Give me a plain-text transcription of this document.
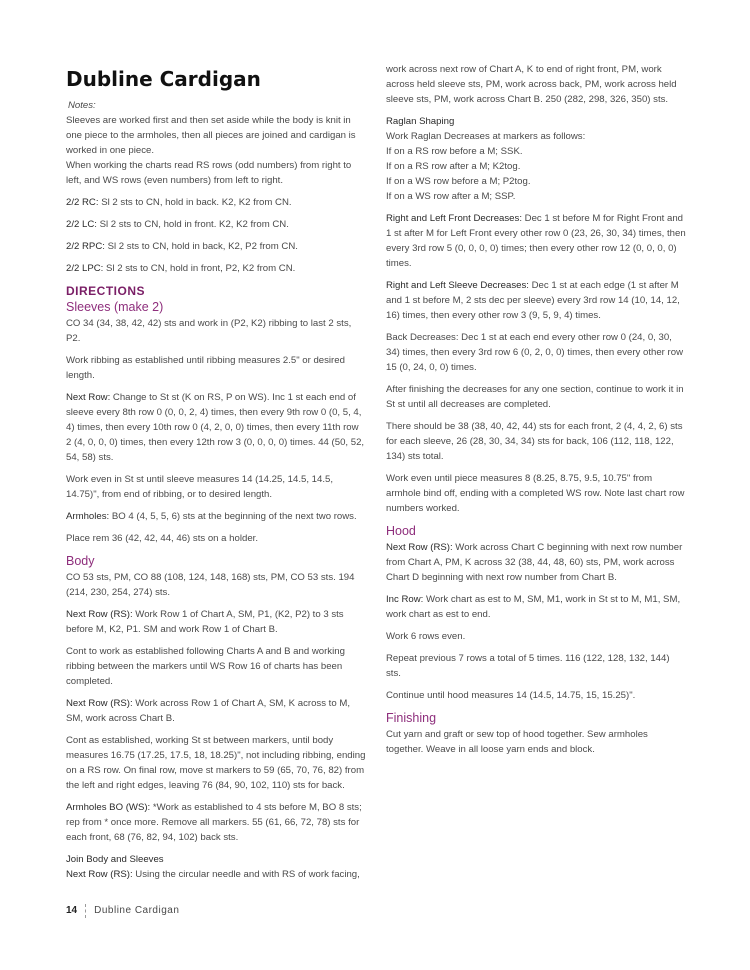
Dubline Cardigan
Notes:

Sleeves are worked first and then set aside while the body is knit in one piece to the armholes, then all pieces are joined and cardigan is worked in one piece.

When working the charts read RS rows (odd numbers) from right to left, and WS rows (even numbers) from left to right.

2/2 RC: Sl 2 sts to CN, hold in back. K2, K2 from CN.

2/2 LC: Sl 2 sts to CN, hold in front. K2, K2 from CN.

2/2 RPC: Sl 2 sts to CN, hold in back, K2, P2 from CN.

2/2 LPC: Sl 2 sts to CN, hold in front, P2, K2 from CN.

DIRECTIONS
Sleeves (make 2)

CO 34 (34, 38, 42, 42) sts and work in (P2, K2) ribbing to last 2 sts, P2.

Work ribbing as established until ribbing measures 2.5" or desired length.

Next Row: Change to St st (K on RS, P on WS). Inc 1 st each end of sleeve every 8th row 0 (0, 0, 2, 4) times, then every 9th row 0 (0, 5, 4, 4) times, then every 10th row 0 (4, 2, 0, 0) times, then every 11th row 2 (4, 0, 0, 0) times, then every 12th row 3 (0, 0, 0, 0) times. 44 (50, 52, 54, 58) sts.

Work even in St st until sleeve measures 14 (14.25, 14.5, 14.5, 14.75)", from end of ribbing, or to desired length.

Armholes: BO 4 (4, 5, 5, 6) sts at the beginning of the next two rows.

Place rem 36 (42, 42, 44, 46) sts on a holder.

Body

CO 53 sts, PM, CO 88 (108, 124, 148, 168) sts, PM, CO 53 sts. 194 (214, 230, 254, 274) sts.

Next Row (RS): Work Row 1 of Chart A, SM, P1, (K2, P2) to 3 sts before M, K2, P1. SM and work Row 1 of Chart B.

Cont to work as established following Charts A and B and working ribbing between the markers until WS Row 16 of charts has been completed.

Next Row (RS): Work across Row 1 of Chart A, SM, K across to M, SM, work across Chart B.

Cont as established, working St st between markers, until body measures 16.75 (17.25, 17.5, 18, 18.25)", not including ribbing, ending on a RS row. On final row, move st markers to 59 (65, 70, 76, 82) from the left and right edges, leaving 76 (84, 90, 102, 110) sts for back.

Armholes BO (WS): *Work as established to 4 sts before M, BO 8 sts; rep from * once more. Remove all markers. 55 (61, 66, 72, 78) sts for each front, 68 (76, 82, 94, 102) back sts.

Join Body and Sleeves

Next Row (RS): Using the circular needle and with RS of work facing,

work across next row of Chart A, K to end of right front, PM, work across held sleeve sts, PM, work across back, PM, work across held sleeve sts, PM, work across Chart B. 250 (282, 298, 326, 350) sts.

Raglan Shaping
Work Raglan Decreases at markers as follows:
If on a RS row before a M; SSK.
If on a RS row after a M; K2tog.
If on a WS row before a M; P2tog.

If on a WS row after a M; SSP.

Right and Left Front Decreases: Dec 1 st before M for Right Front and 1 st after M for Left Front every other row 0 (23, 26, 30, 34) times, then every 3rd row 5 (0, 0, 0, 0) times; then every other row 12 (0, 0, 0, 0) times.

Right and Left Sleeve Decreases: Dec 1 st at each edge (1 st after M and 1 st before M, 2 sts dec per sleeve) every 3rd row 14 (10, 14, 12, 16) times, then every other row 3 (9, 5, 9, 4) times.

Back Decreases: Dec 1 st at each end every other row 0 (24, 0, 30, 34) times, then every 3rd row 6 (0, 2, 0, 0) times, then every other row 15 (0, 24, 0, 0) times.

After finishing the decreases for any one section, continue to work it in St st until all decreases are completed.

There should be 38 (38, 40, 42, 44) sts for each front, 2 (4, 4, 2, 6) sts for each sleeve, 26 (28, 30, 34, 34) sts for back, 106 (112, 118, 122, 134) sts total.

Work even until piece measures 8 (8.25, 8.75, 9.5, 10.75" from armhole bind off, ending with a completed WS row. Note last chart row numbers worked.

Hood

Next Row (RS): Work across Chart C beginning with next row number from Chart A, PM, K across 32 (38, 44, 48, 60) sts, PM, work across Chart D beginning with next row number from Chart B.

Inc Row: Work chart as est to M, SM, M1, work in St st to M, M1, SM, work chart as est to end.

Work 6 rows even.

Repeat previous 7 rows a total of 5 times. 116 (122, 128, 132, 144) sts.

Continue until hood measures 14 (14.5, 14.75, 15, 15.25)".

Finishing

Cut yarn and graft or sew top of hood together. Sew armholes together. Weave in all loose yarn ends and block.

14 Dubline Cardigan
